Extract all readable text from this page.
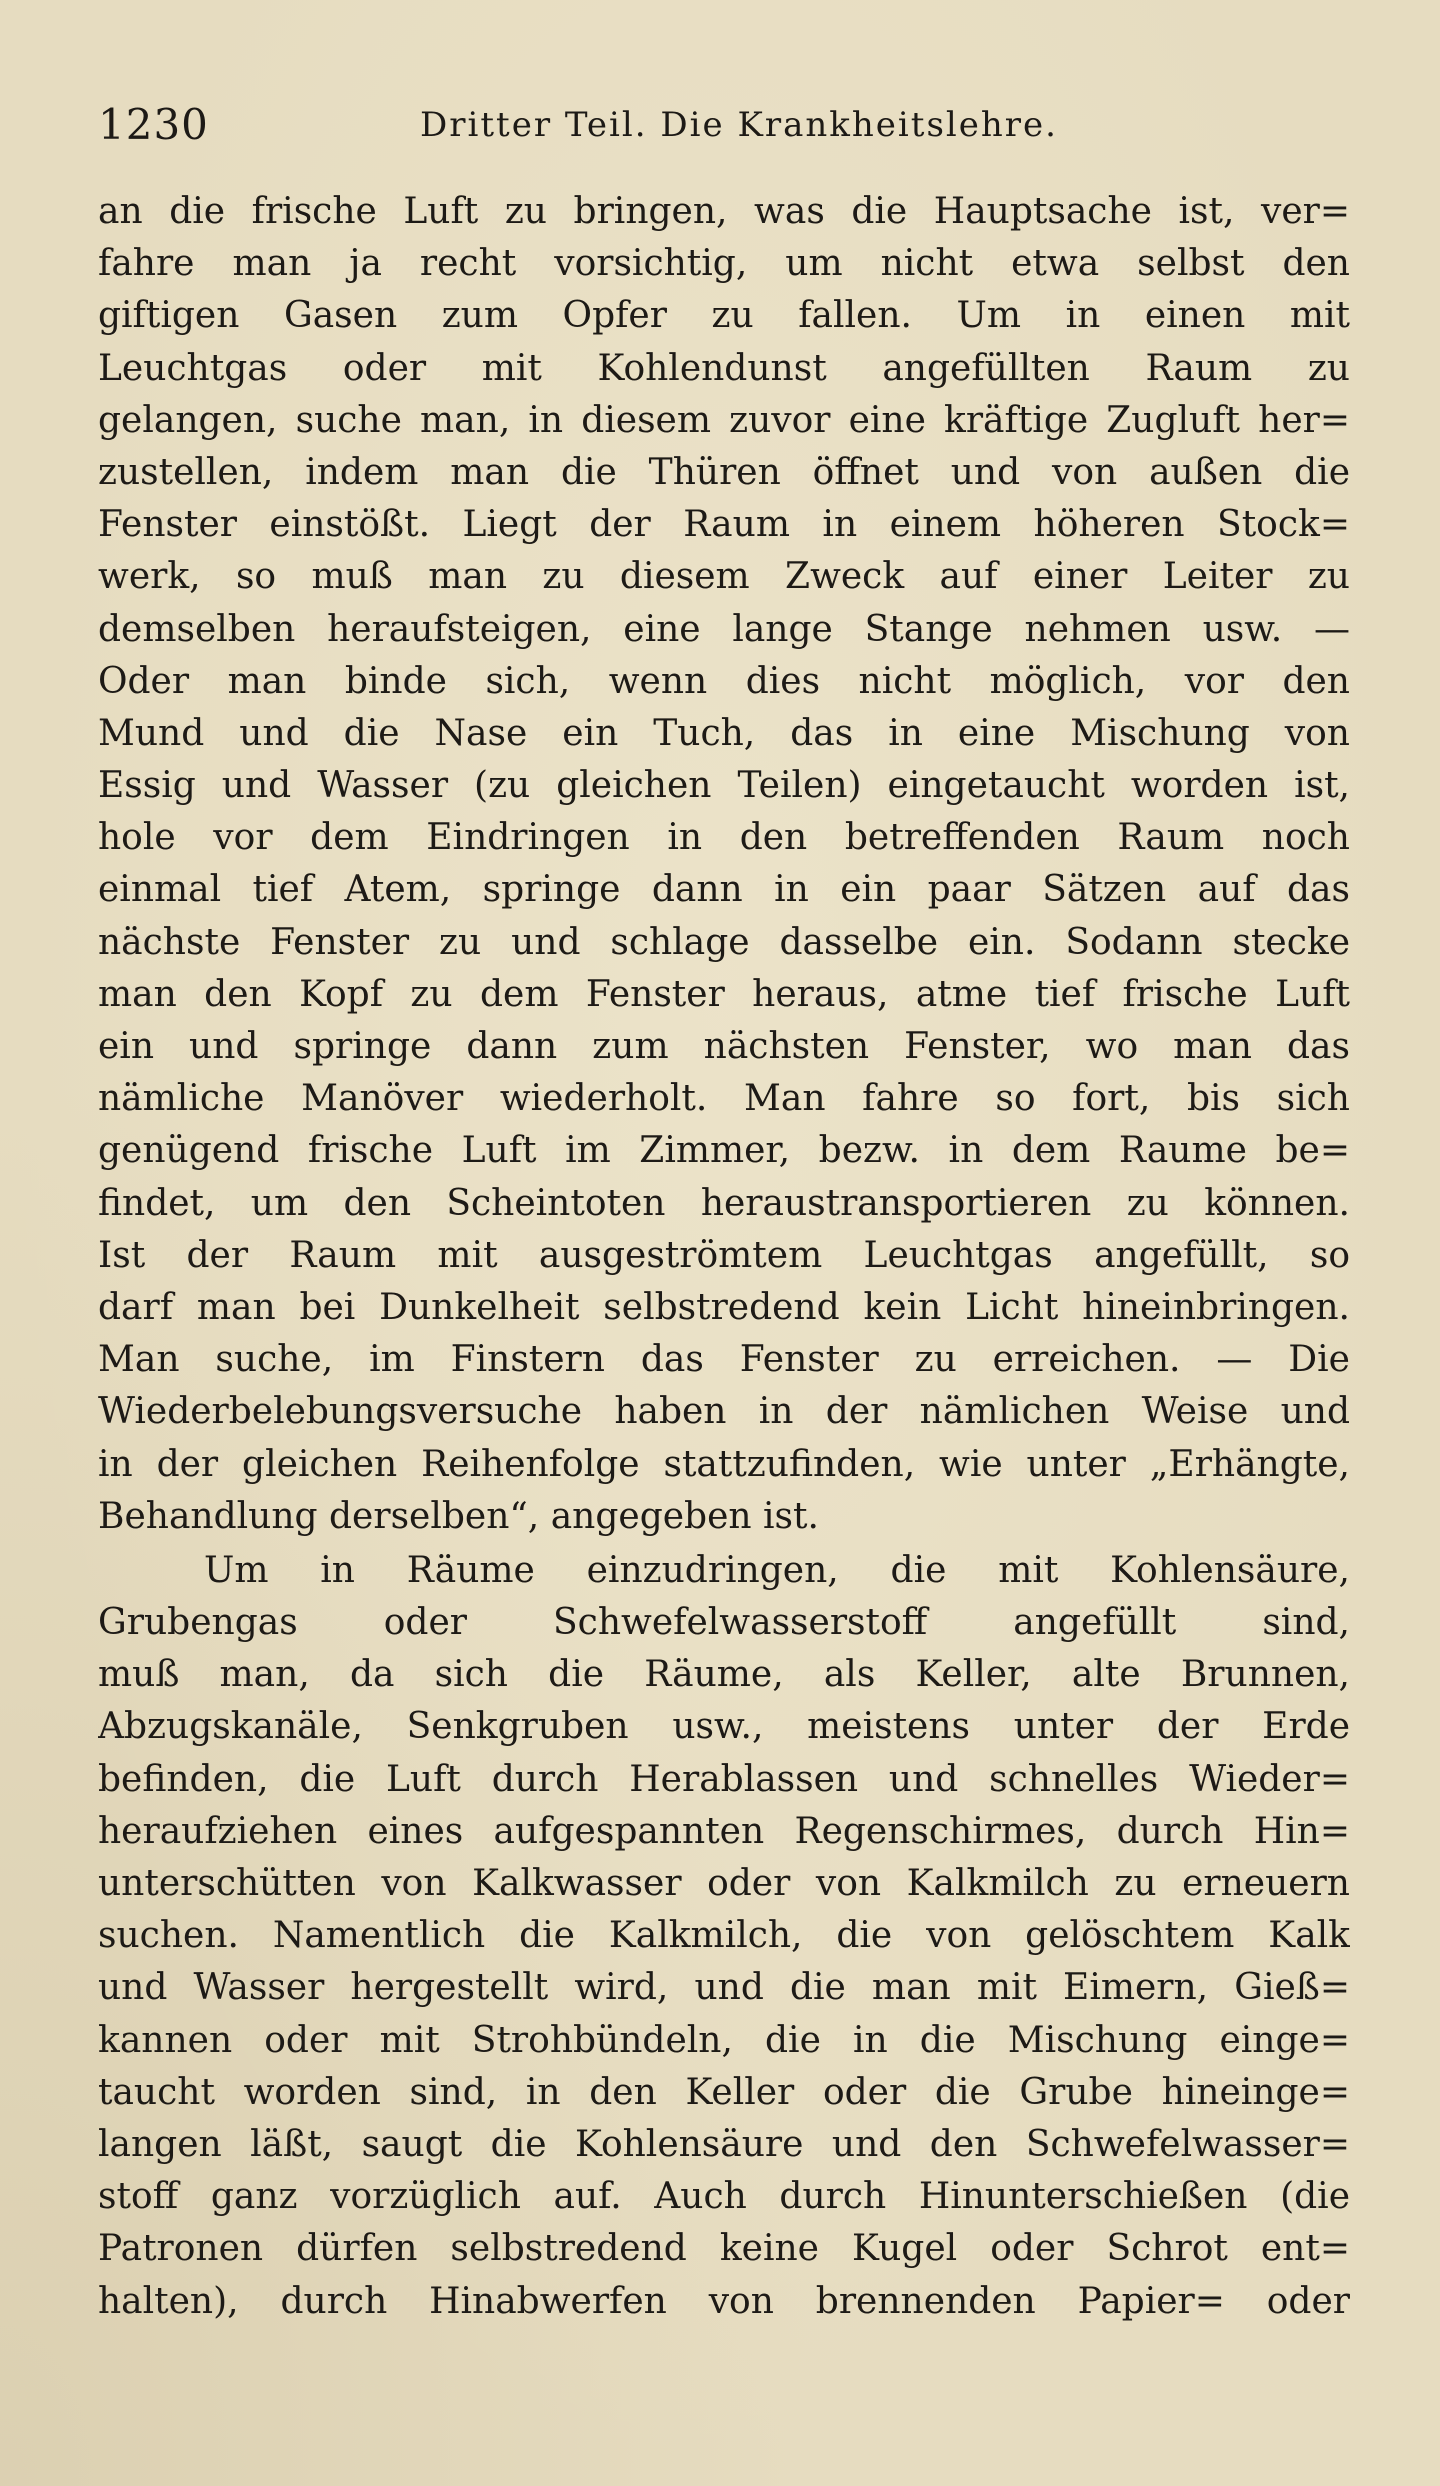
1230	Dritter Teil. Die Krankheitslehre.
an die frische Luft zu bringen, was die Hauptsache ist, ver=
fahre man ja recht vorsichtig, um nicht etwa selbst den
giftigen Gasen zum Opfer zu fallen. Um in einen mit
Leuchtgas oder mit Kohlendunst angefüllten Raum zu
gelangen, suche man, in diesem zuvor eine kräftige Zugluft her=
zustellen, indem man die Thüren öffnet und von außen die
Fenster einstößt. Liegt der Raum in einem höheren Stock=
werk, so muß man zu diesem Zweck auf einer Leiter zu
demselben heraufsteigen, eine lange Stange nehmen usw. —
Oder man binde sich, wenn dies nicht möglich, vor den
Mund und die Nase ein Tuch, das in eine Mischung von
Essig und Wasser (zu gleichen Teilen) eingetaucht worden ist,
hole vor dem Eindringen in den betreffenden Raum noch
einmal tief Atem, springe dann in ein paar Sätzen auf das
nächste Fenster zu und schlage dasselbe ein. Sodann stecke
man den Kopf zu dem Fenster heraus, atme tief frische Luft
ein und springe dann zum nächsten Fenster, wo man das
nämliche Manöver wiederholt. Man fahre so fort, bis sich
genügend frische Luft im Zimmer, bezw. in dem Raume be=
findet, um den Scheintoten heraustransportieren zu können.
Ist der Raum mit ausgeströmtem Leuchtgas angefüllt, so
darf man bei Dunkelheit selbstredend kein Licht hineinbringen.
Man suche, im Finstern das Fenster zu erreichen. — Die
Wiederbelebungsversuche haben in der nämlichen Weise und
in der gleichen Reihenfolge stattzufinden, wie unter „Erhängte,
Behandlung derselben“, angegeben ist.
Um in Räume einzudringen, die mit Kohlensäure,
Grubengas oder Schwefelwasserstoff angefüllt sind,
muß man, da sich die Räume, als Keller, alte Brunnen,
Abzugskanäle, Senkgruben usw., meistens unter der Erde
befinden, die Luft durch Herablassen und schnelles Wieder=
heraufziehen eines aufgespannten Regenschirmes, durch Hin=
unterschütten von Kalkwasser oder von Kalkmilch zu erneuern
suchen. Namentlich die Kalkmilch, die von gelöschtem Kalk
und Wasser hergestellt wird, und die man mit Eimern, Gieß=
kannen oder mit Strohbündeln, die in die Mischung einge=
taucht worden sind, in den Keller oder die Grube hineinge=
langen läßt, saugt die Kohlensäure und den Schwefelwasser=
stoff ganz vorzüglich auf. Auch durch Hinunterschießen (die
Patronen dürfen selbstredend keine Kugel oder Schrot ent=
halten), durch Hinabwerfen von brennenden Papier= oder
